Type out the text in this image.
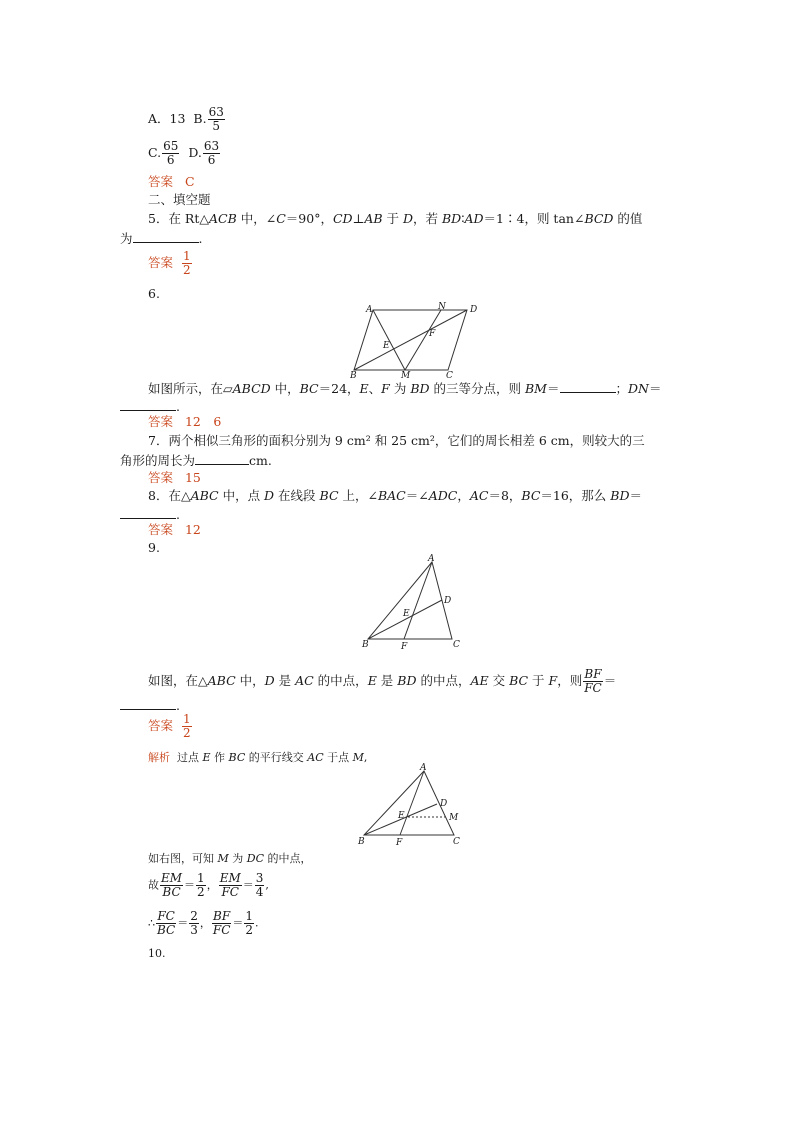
A．13 B. $\frac{63}{5}$
C. $\frac{65}{6} D$. $\frac{63}{6}$
答案 C
二、填空题
5．在 Rt△ACB 中，∠C＝90°，CD⊥AB 于 D，若 BD∶AD＝1∶4，则 tan∠BCD 的值
为	.
答案 $\frac{1}{2}$
6.
A	N	D
B	M	C
E
F
如图所示，在▱ABCD 中，BC＝24，E、F 为 BD 的三等分点，则 BM＝	；DN＝
.
答案 12　6
7．两个相似三角形的面积分别为 9 cm² 和 25 cm²，它们的周长相差 6 cm，则较大的三
角形的周长为	cm.
答案 15
8．在△ABC 中，点 D 在线段 BC 上，∠BAC＝∠ADC，AC＝8，BC＝16，那么 BD＝
.
答案 12
9.
A
D
E
B	F	C
如图，在△ABC 中，D 是 AC 的中点，E 是 BD 的中点，AE 交 BC 于 F，则 $\frac{BF}{FC}$ ＝
.
答案 $\frac{1}{2}$
解析 过点 E 作 BC 的平行线交 AC 于点 M,
A
D
E	M
B	F	C
如右图，可知 M 为 DC 的中点，
故 $\frac{EM}{BC} = \frac{1}{2}$ ， $\frac{EM}{FC} = \frac{3}{4}$ ,
∴ $\frac{FC}{BC} = \frac{2}{3}$ ， $\frac{BF}{FC} = \frac{1}{2}$ .
10.
